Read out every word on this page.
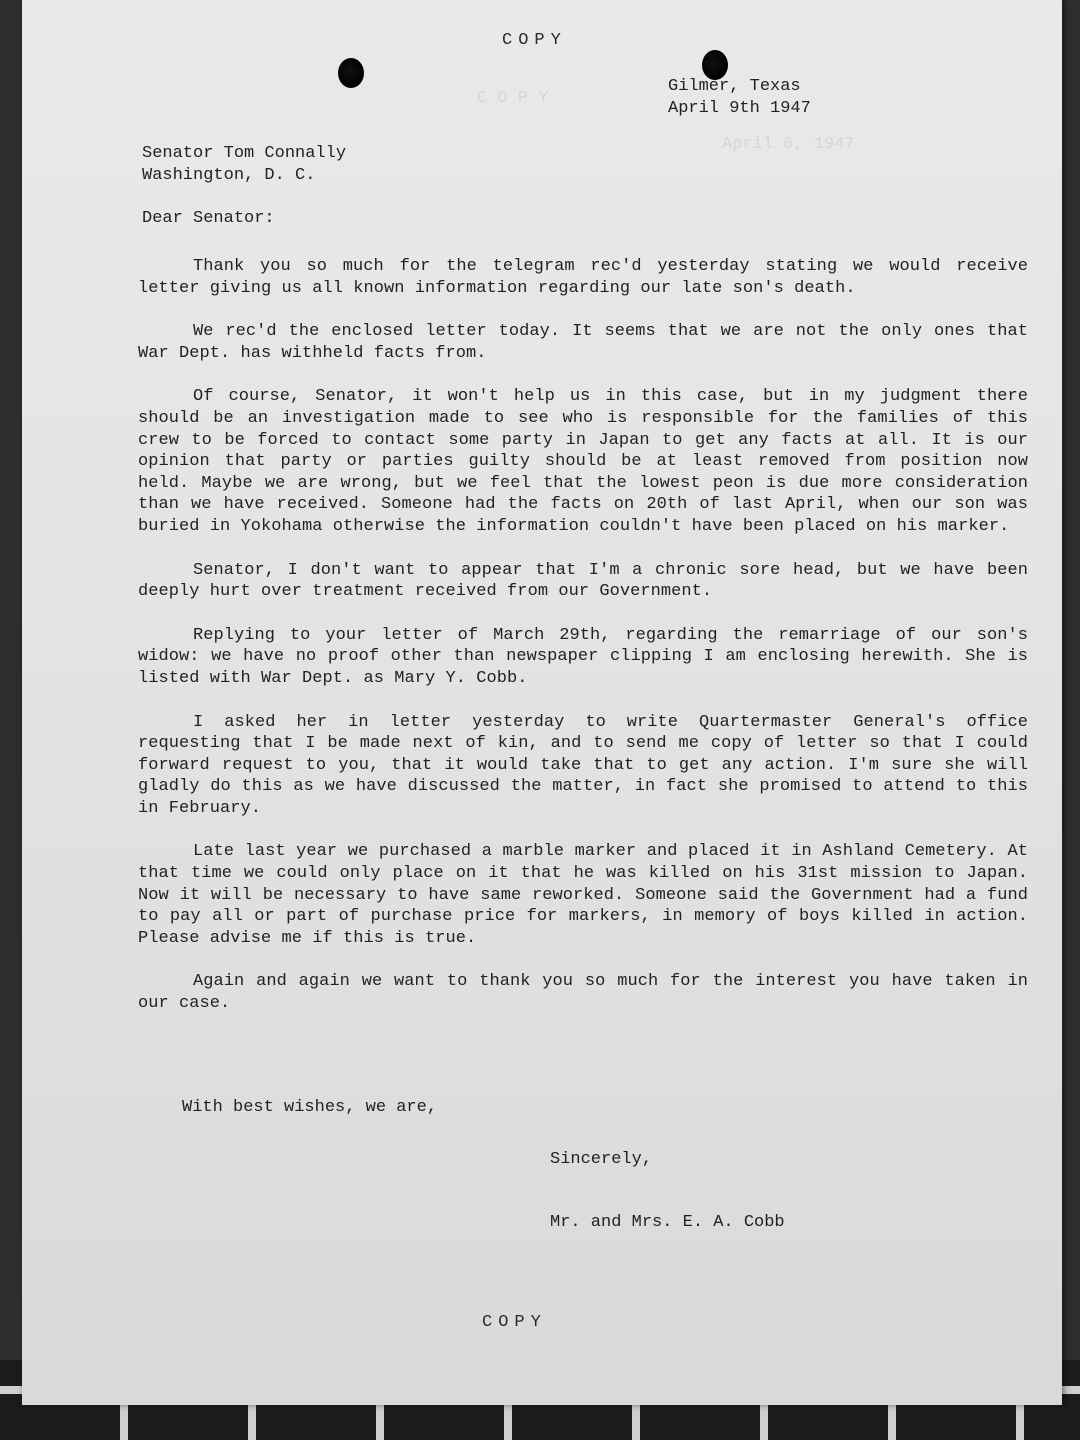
C O P Y
April 6, 1947
COPY
Gilmer, Texas
April 9th 1947
Senator Tom Connally
Washington, D. C.
Dear Senator:

Thank you so much for the telegram rec'd yesterday stating we would receive letter giving us all known information regarding our late son's death.

We rec'd the enclosed letter today. It seems that we are not the only ones that War Dept. has withheld facts from.

Of course, Senator, it won't help us in this case, but in my judgment there should be an investigation made to see who is responsible for the families of this crew to be forced to contact some party in Japan to get any facts at all. It is our opinion that party or parties guilty should be at least removed from position now held. Maybe we are wrong, but we feel that the lowest peon is due more consideration than we have received. Someone had the facts on 20th of last April, when our son was buried in Yokohama otherwise the information couldn't have been placed on his marker.

Senator, I don't want to appear that I'm a chronic sore head, but we have been deeply hurt over treatment received from our Government.

Replying to your letter of March 29th, regarding the remarriage of our son's widow: we have no proof other than newspaper clipping I am enclosing herewith. She is listed with War Dept. as Mary Y. Cobb.

I asked her in letter yesterday to write Quartermaster General's office requesting that I be made next of kin, and to send me copy of letter so that I could forward request to you, that it would take that to get any action. I'm sure she will gladly do this as we have discussed the matter, in fact she promised to attend to this in February.

Late last year we purchased a marble marker and placed it in Ashland Cemetery. At that time we could only place on it that he was killed on his 31st mission to Japan. Now it will be necessary to have same reworked. Someone said the Government had a fund to pay all or part of purchase price for markers, in memory of boys killed in action. Please advise me if this is true.

Again and again we want to thank you so much for the interest you have taken in our case.

With best wishes, we are,
Sincerely,
Mr. and Mrs. E. A. Cobb
COPY
